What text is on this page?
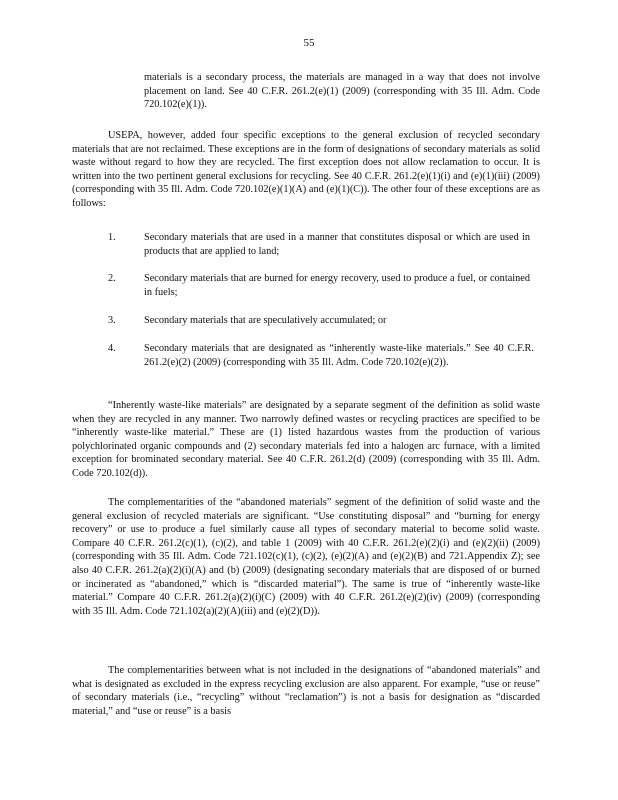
55
materials is a secondary process, the materials are managed in a way that does not involve placement on land. See 40 C.F.R. 261.2(e)(1) (2009) (corresponding with 35 Ill. Adm. Code 720.102(e)(1)).
USEPA, however, added four specific exceptions to the general exclusion of recycled secondary materials that are not reclaimed. These exceptions are in the form of designations of secondary materials as solid waste without regard to how they are recycled. The first exception does not allow reclamation to occur. It is written into the two pertinent general exclusions for recycling. See 40 C.F.R. 261.2(e)(1)(i) and (e)(1)(iii) (2009) (corresponding with 35 Ill. Adm. Code 720.102(e)(1)(A) and (e)(1)(C)). The other four of these exceptions are as follows:
1.	Secondary materials that are used in a manner that constitutes disposal or which are used in products that are applied to land;
2.	Secondary materials that are burned for energy recovery, used to produce a fuel, or contained in fuels;
3.	Secondary materials that are speculatively accumulated; or
4.	Secondary materials that are designated as “inherently waste-like materials.” See 40 C.F.R. 261.2(e)(2) (2009) (corresponding with 35 Ill. Adm. Code 720.102(e)(2)).
“Inherently waste-like materials” are designated by a separate segment of the definition as solid waste when they are recycled in any manner. Two narrowly defined wastes or recycling practices are specified to be “inherently waste-like material.” These are (1) listed hazardous wastes from the production of various polychlorinated organic compounds and (2) secondary materials fed into a halogen arc furnace, with a limited exception for brominated secondary material. See 40 C.F.R. 261.2(d) (2009) (corresponding with 35 Ill. Adm. Code 720.102(d)).
The complementarities of the “abandoned materials” segment of the definition of solid waste and the general exclusion of recycled materials are significant. “Use constituting disposal” and “burning for energy recovery” or use to produce a fuel similarly cause all types of secondary material to become solid waste. Compare 40 C.F.R. 261.2(c)(1), (c)(2), and table 1 (2009) with 40 C.F.R. 261.2(e)(2)(i) and (e)(2)(ii) (2009) (corresponding with 35 Ill. Adm. Code 721.102(c)(1), (c)(2), (e)(2)(A) and (e)(2)(B) and 721.Appendix Z); see also 40 C.F.R. 261.2(a)(2)(i)(A) and (b) (2009) (designating secondary materials that are disposed of or burned or incinerated as “abandoned,” which is “discarded material”). The same is true of “inherently waste-like material.” Compare 40 C.F.R. 261.2(a)(2)(i)(C) (2009) with 40 C.F.R. 261.2(e)(2)(iv) (2009) (corresponding with 35 Ill. Adm. Code 721.102(a)(2)(A)(iii) and (e)(2)(D)).
The complementarities between what is not included in the designations of “abandoned materials” and what is designated as excluded in the express recycling exclusion are also apparent. For example, “use or reuse” of secondary materials (i.e., “recycling” without “reclamation”) is not a basis for designation as “discarded material,” and “use or reuse” is a basis
